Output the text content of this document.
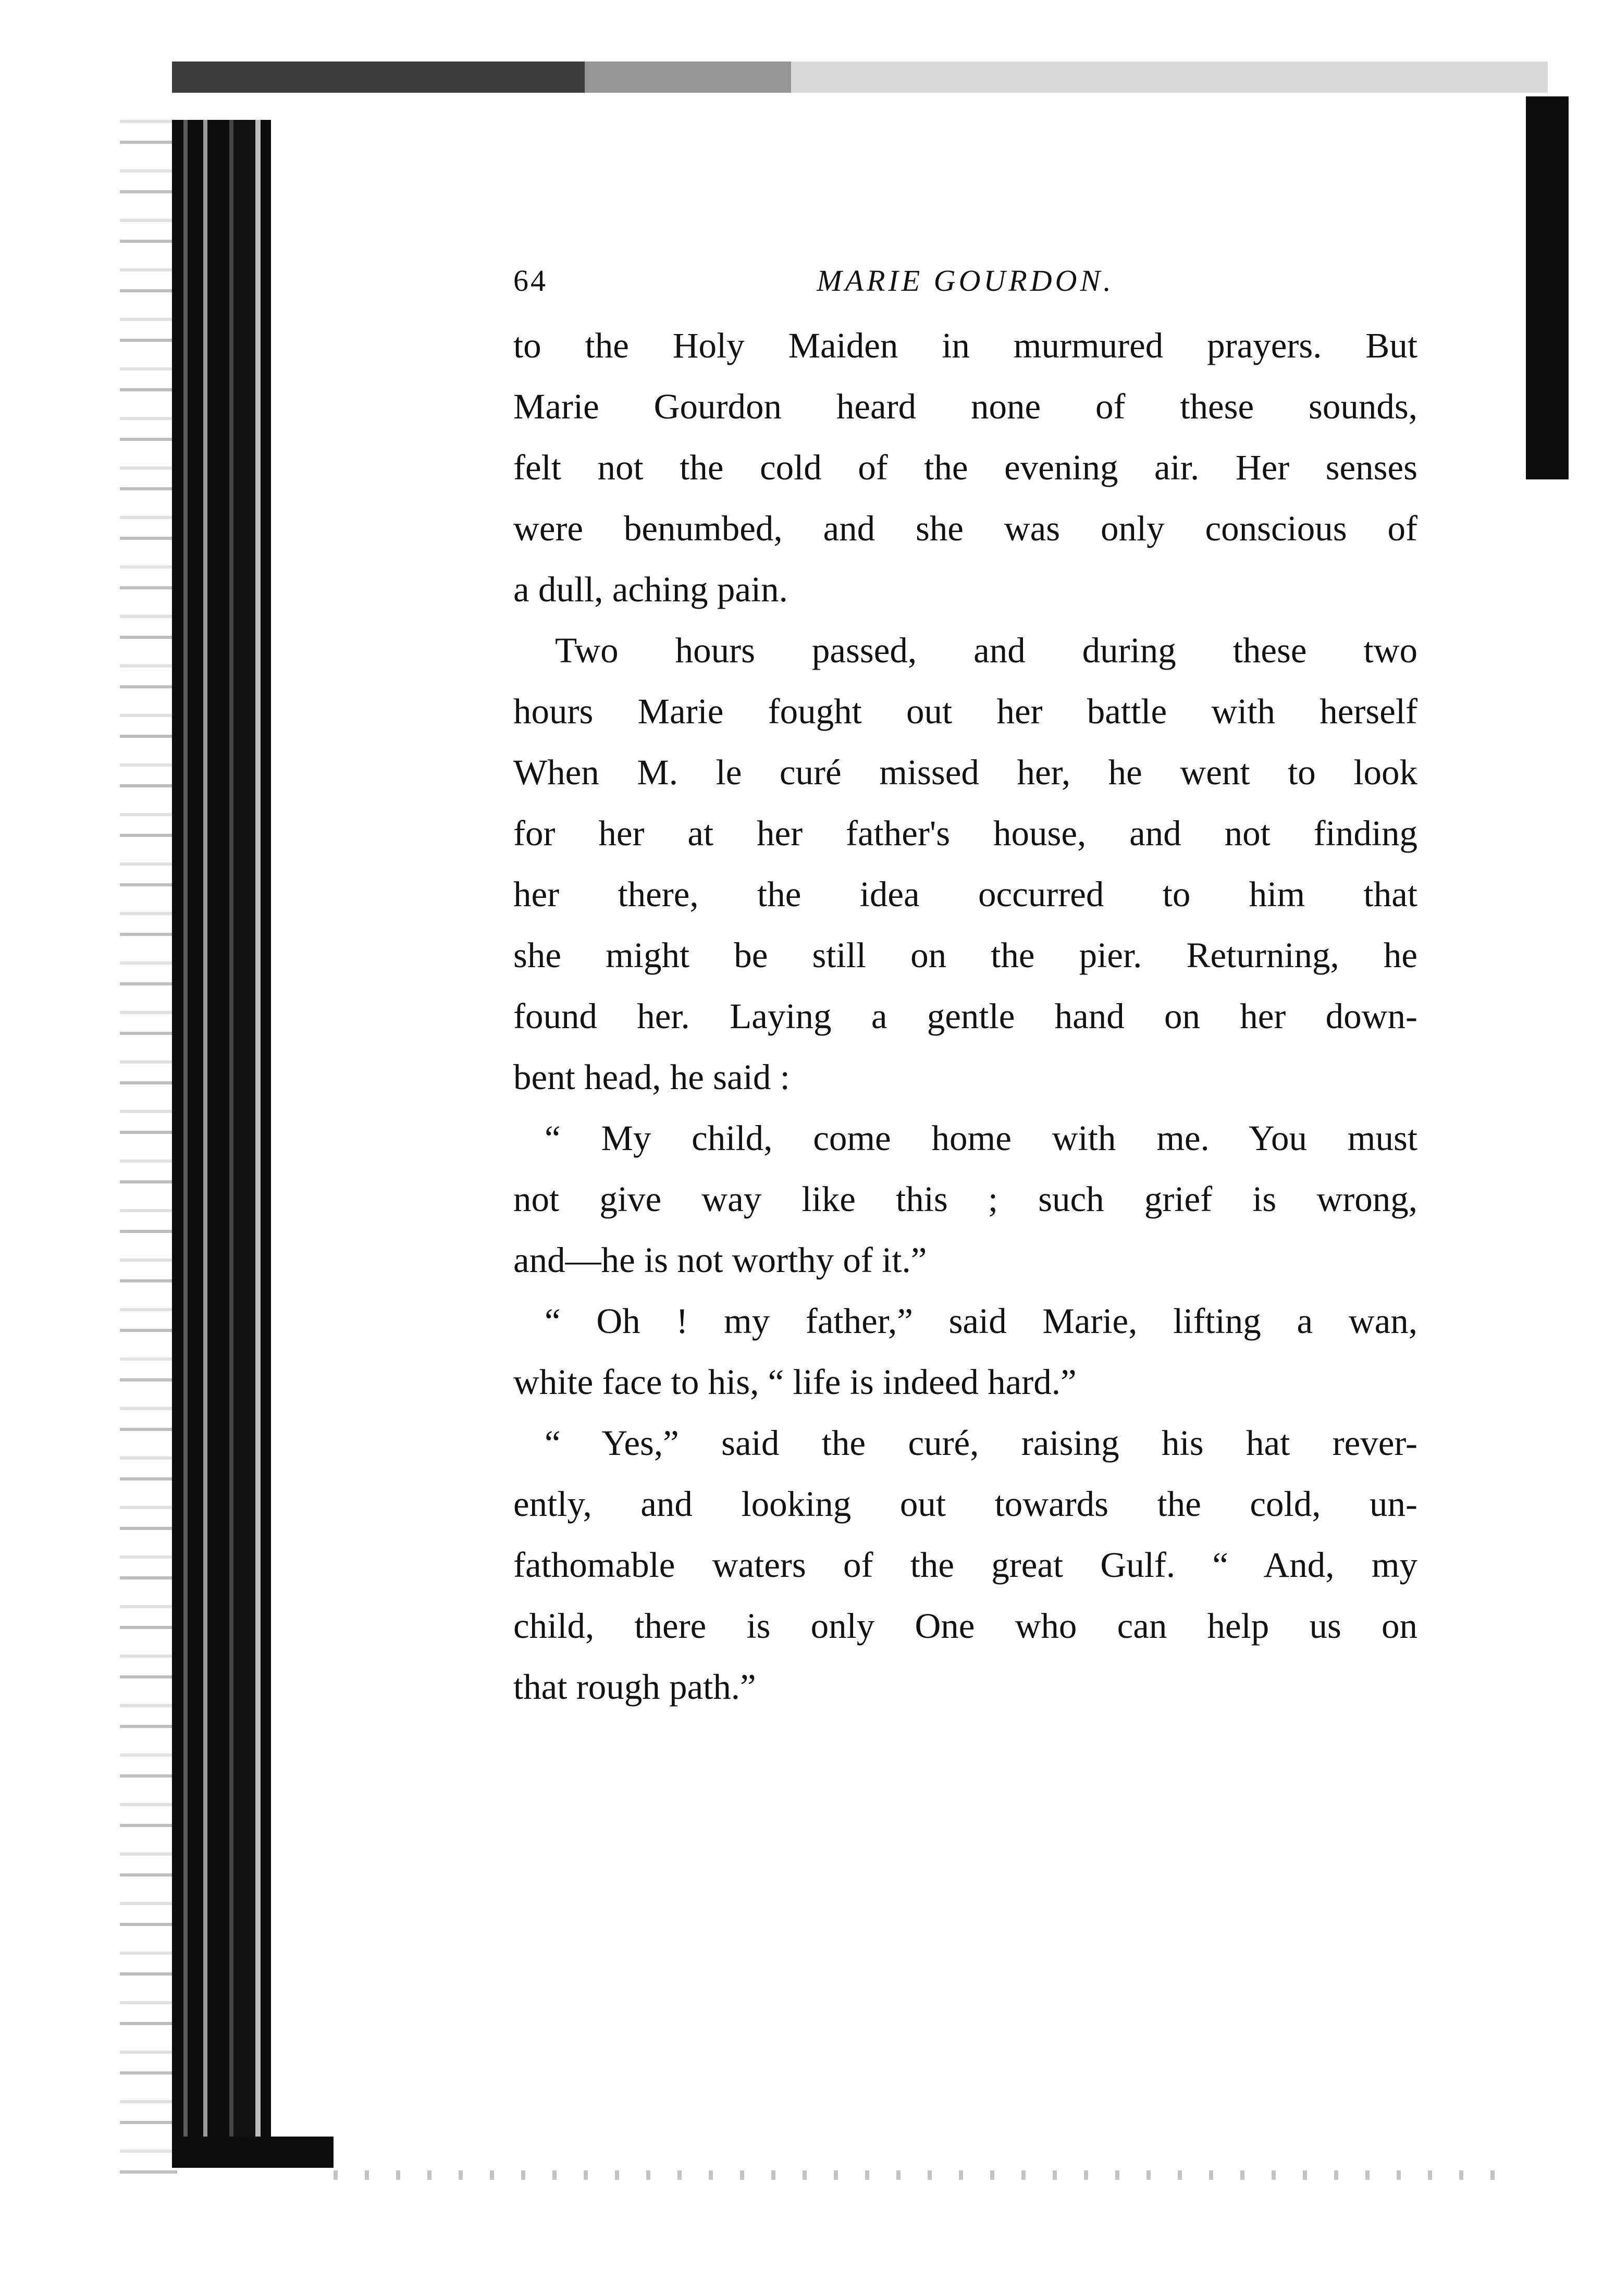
64	MARIE GOURDON.
to the Holy Maiden in murmured prayers. But
Marie Gourdon heard none of these sounds,
felt not the cold of the evening air. Her senses
were benumbed, and she was only conscious of
a dull, aching pain.
Two hours passed, and during these two
hours Marie fought out her battle with herself
When M. le curé missed her, he went to look
for her at her father's house, and not finding
her there, the idea occurred to him that
she might be still on the pier. Returning, he
found her. Laying a gentle hand on her down-
bent head, he said :
“ My child, come home with me. You must
not give way like this ; such grief is wrong,
and—he is not worthy of it.”
“ Oh ! my father,” said Marie, lifting a wan,
white face to his, “ life is indeed hard.”
“ Yes,” said the curé, raising his hat rever-
ently, and looking out towards the cold, un-
fathomable waters of the great Gulf. “ And, my
child, there is only One who can help us on
that rough path.”
